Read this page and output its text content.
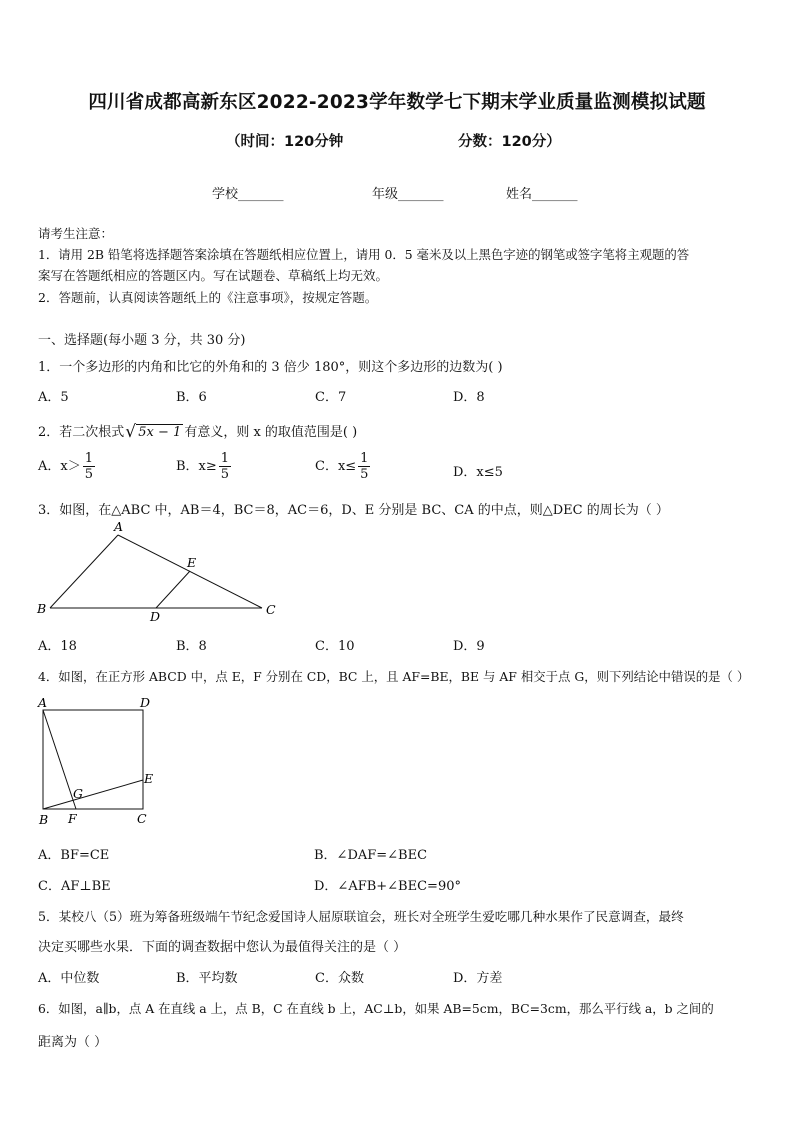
四川省成都高新东区2022-2023学年数学七下期末学业质量监测模拟试题
（时间：120分钟	分数：120分）
学校_______	年级_______	姓名_______
请考生注意：
1．请用 2B 铅笔将选择题答案涂填在答题纸相应位置上，请用 0．5 毫米及以上黑色字迹的钢笔或签字笔将主观题的答
案写在答题纸相应的答题区内。写在试题卷、草稿纸上均无效。
2．答题前，认真阅读答题纸上的《注意事项》，按规定答题。
一、选择题(每小题 3 分，共 30 分)
1．一个多边形的内角和比它的外角和的 3 倍少 180°，则这个多边形的边数为( )
A．5	B．6	C．7	D．8
2．若二次根式 √ 5x − 1 有意义，则 x 的取值范围是( )
A．$x> \frac{1}{5}$	B．$x\ge \frac{1}{5}$	C．$x\le \frac{1}{5}$	D．x≤5
3．如图，在△ABC 中，AB＝4，BC＝8，AC＝6，D、E 分别是 BC、CA 的中点，则△DEC 的周长为（ ）
A
B	C
D
E
A．18	B．8	C．10	D．9
4．如图，在正方形 ABCD 中，点 E，F 分别在 CD，BC 上，且 AF=BE，BE 与 AF 相交于点 G，则下列结论中错误的是（ ）
A	D
E
G
B F	C
A．BF=CE	B．∠DAF=∠BEC
C．AF⊥BE	D．∠AFB+∠BEC=90°
5．某校八（5）班为筹备班级端午节纪念爱国诗人屈原联谊会，班长对全班学生爱吃哪几种水果作了民意调查，最终
决定买哪些水果．下面的调查数据中您认为最值得关注的是（ ）
A．中位数	B．平均数	C．众数	D．方差
6．如图，a∥b，点 A 在直线 a 上，点 B，C 在直线 b 上，AC⊥b，如果 AB=5cm，BC=3cm，那么平行线 a，b 之间的
距离为（ ）
